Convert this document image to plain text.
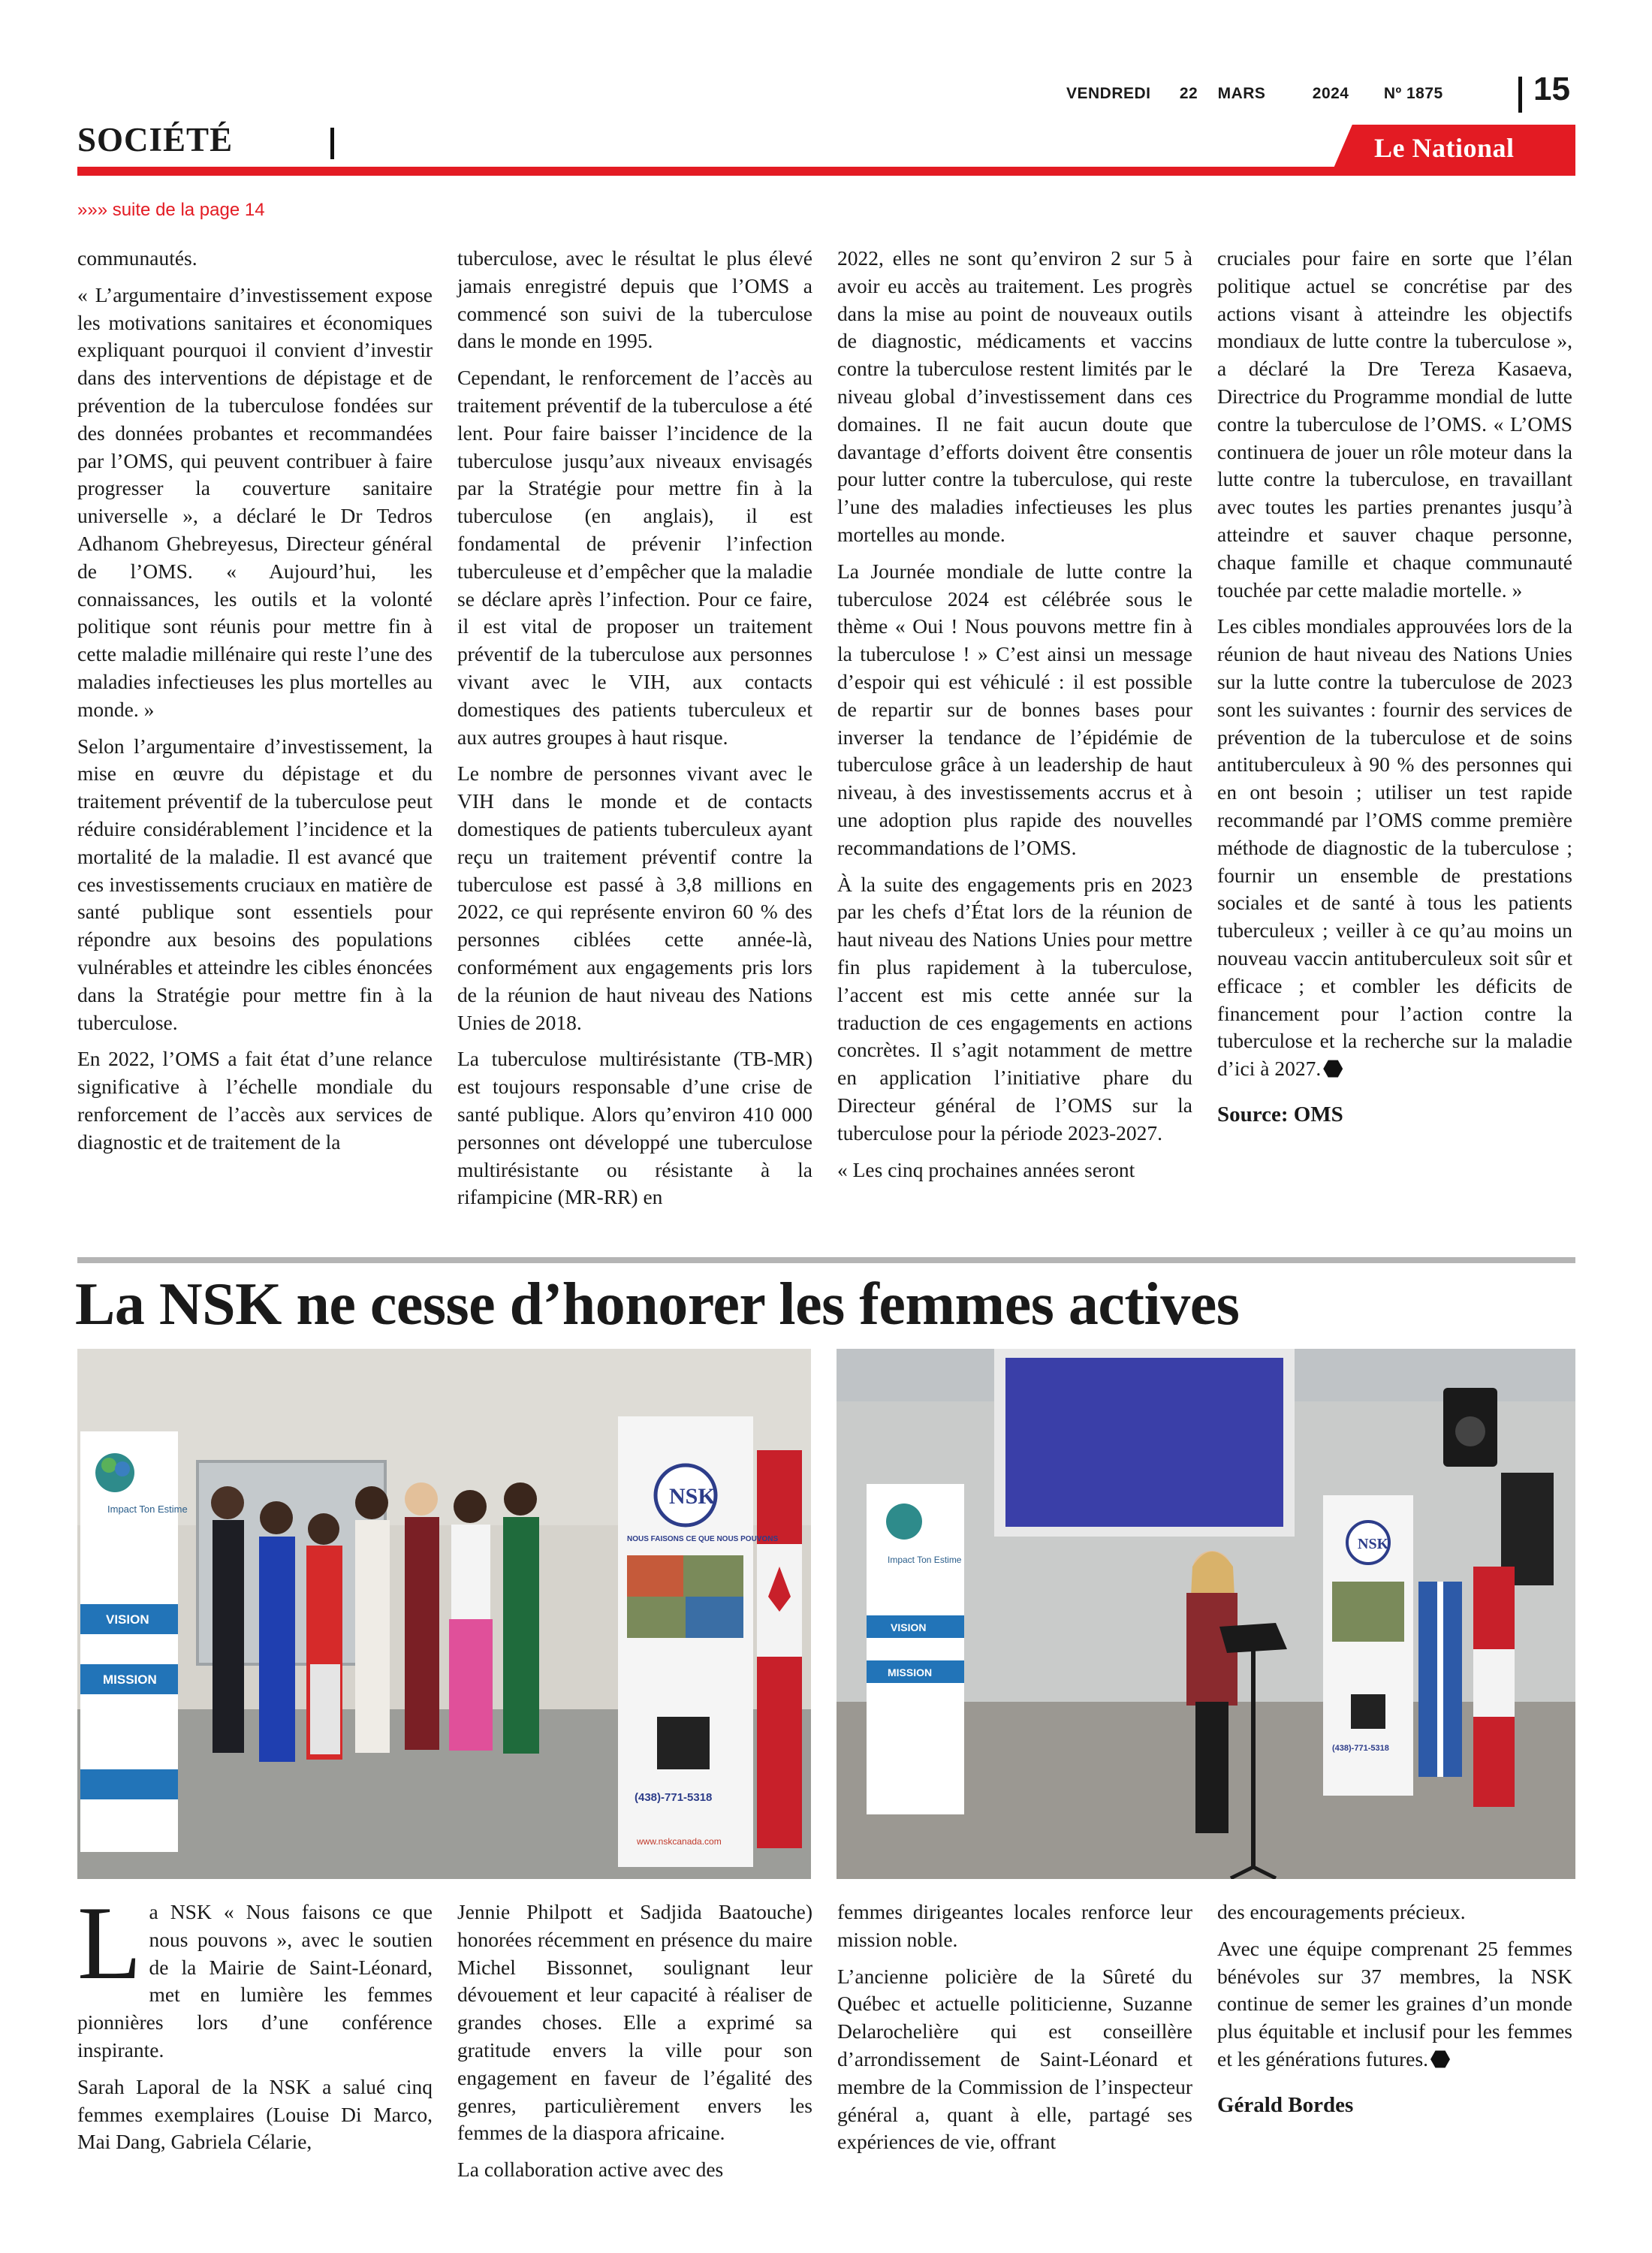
VENDREDI 22 MARS	2024 Nº 1875	15
SOCIÉTÉ	Le National
»»» suite de la page 14

communautés.

« L’argumentaire d’investissement expose les motivations sanitaires et économiques expliquant pourquoi il convient d’investir dans des interventions de dépistage et de prévention de la tuberculose fondées sur des données probantes et recommandées par l’OMS, qui peuvent contribuer à faire progresser la couverture sanitaire universelle », a déclaré le Dr Tedros Adhanom Ghebreyesus, Directeur général de l’OMS. « Aujourd’hui, les connaissances, les outils et la volonté politique sont réunis pour mettre fin à cette maladie millénaire qui reste l’une des maladies infectieuses les plus mortelles au monde. »

Selon l’argumentaire d’investissement, la mise en œuvre du dépistage et du traitement préventif de la tuberculose peut réduire considérablement l’incidence et la mortalité de la maladie. Il est avancé que ces investissements cruciaux en matière de santé publique sont essentiels pour répondre aux besoins des populations vulnérables et atteindre les cibles énoncées dans la Stratégie pour mettre fin à la tuberculose.

En 2022, l’OMS a fait état d’une relance significative à l’échelle mondiale du renforcement de l’accès aux services de diagnostic et de traitement de la

tuberculose, avec le résultat le plus élevé jamais enregistré depuis que l’OMS a commencé son suivi de la tuberculose dans le monde en 1995.

Cependant, le renforcement de l’accès au traitement préventif de la tuberculose a été lent. Pour faire baisser l’incidence de la tuberculose jusqu’aux niveaux envisagés par la Stratégie pour mettre fin à la tuberculose (en anglais), il est fondamental de prévenir l’infection tuberculeuse et d’empêcher que la maladie se déclare après l’infection. Pour ce faire, il est vital de proposer un traitement préventif de la tuberculose aux personnes vivant avec le VIH, aux contacts domestiques des patients tuberculeux et aux autres groupes à haut risque.

Le nombre de personnes vivant avec le VIH dans le monde et de contacts domestiques de patients tuberculeux ayant reçu un traitement préventif contre la tuberculose est passé à 3,8 millions en 2022, ce qui représente environ 60 % des personnes ciblées cette année-là, conformément aux engagements pris lors de la réunion de haut niveau des Nations Unies de 2018.

La tuberculose multirésistante (TB-MR) est toujours responsable d’une crise de santé publique. Alors qu’environ 410 000 personnes ont développé une tuberculose multirésistante ou résistante à la rifampicine (MR-RR) en

2022, elles ne sont qu’environ 2 sur 5 à avoir eu accès au traitement. Les progrès dans la mise au point de nouveaux outils de diagnostic, médicaments et vaccins contre la tuberculose restent limités par le niveau global d’investissement dans ces domaines. Il ne fait aucun doute que davantage d’efforts doivent être consentis pour lutter contre la tuberculose, qui reste l’une des maladies infectieuses les plus mortelles au monde.

La Journée mondiale de lutte contre la tuberculose 2024 est célébrée sous le thème « Oui ! Nous pouvons mettre fin à la tuberculose ! » C’est ainsi un message d’espoir qui est véhiculé : il est possible de repartir sur de bonnes bases pour inverser la tendance de l’épidémie de tuberculose grâce à un leadership de haut niveau, à des investissements accrus et à une adoption plus rapide des nouvelles recommandations de l’OMS.

À la suite des engagements pris en 2023 par les chefs d’État lors de la réunion de haut niveau des Nations Unies pour mettre fin plus rapidement à la tuberculose, l’accent est mis cette année sur la traduction de ces engagements en actions concrètes. Il s’agit notamment de mettre en application l’initiative phare du Directeur général de l’OMS sur la tuberculose pour la période 2023-2027.

« Les cinq prochaines années seront

cruciales pour faire en sorte que l’élan politique actuel se concrétise par des actions visant à atteindre les objectifs mondiaux de lutte contre la tuberculose », a déclaré la Dre Tereza Kasaeva, Directrice du Programme mondial de lutte contre la tuberculose de l’OMS. « L’OMS continuera de jouer un rôle moteur dans la lutte contre la tuberculose, en travaillant avec toutes les parties prenantes jusqu’à atteindre et sauver chaque personne, chaque famille et chaque communauté touchée par cette maladie mortelle. »

Les cibles mondiales approuvées lors de la réunion de haut niveau des Nations Unies sur la lutte contre la tuberculose de 2023 sont les suivantes : fournir des services de prévention de la tuberculose et de soins antituberculeux à 90 % des personnes qui en ont besoin ; utiliser un test rapide recommandé par l’OMS comme première méthode de diagnostic de la tuberculose ; fournir un ensemble de prestations sociales et de santé à tous les patients tuberculeux ; veiller à ce qu’au moins un nouveau vaccin antituberculeux soit sûr et efficace ; et combler les déficits de financement pour l’action contre la tuberculose et la recherche sur la maladie d’ici à 2027.

Source: OMS

La NSK ne cesse d’honorer les femmes actives
Impact Ton Estime
VISION
MISSION
NSK
NOUS FAISONS CE QUE NOUS POUVONS
(438)-771-5318
www.nskcanada.com
Impact Ton Estime
VISION
MISSION
NSK
(438)-771-5318

La NSK « Nous faisons ce que nous pouvons », avec le soutien de la Mairie de Saint-Léonard, met en lumière les femmes pionnières lors d’une conférence inspirante.

Sarah Laporal de la NSK a salué cinq femmes exemplaires (Louise Di Marco, Mai Dang, Gabriela Célarie,

Jennie Philpott et Sadjida Baatouche) honorées récemment en présence du maire Michel Bissonnet, soulignant leur dévouement et leur capacité à réaliser de grandes choses. Elle a exprimé sa gratitude envers la ville pour son engagement en faveur de l’égalité des genres, particulièrement envers les femmes de la diaspora africaine.

La collaboration active avec des

femmes dirigeantes locales renforce leur mission noble.

L’ancienne policière de la Sûreté du Québec et actuelle politicienne, Suzanne Delarochelière qui est conseillère d’arrondissement de Saint-Léonard et membre de la Commission de l’inspecteur général a, quant à elle, partagé ses expériences de vie, offrant

des encouragements précieux.

Avec une équipe comprenant 25 femmes bénévoles sur 37 membres, la NSK continue de semer les graines d’un monde plus équitable et inclusif pour les femmes et les générations futures.

Gérald Bordes
